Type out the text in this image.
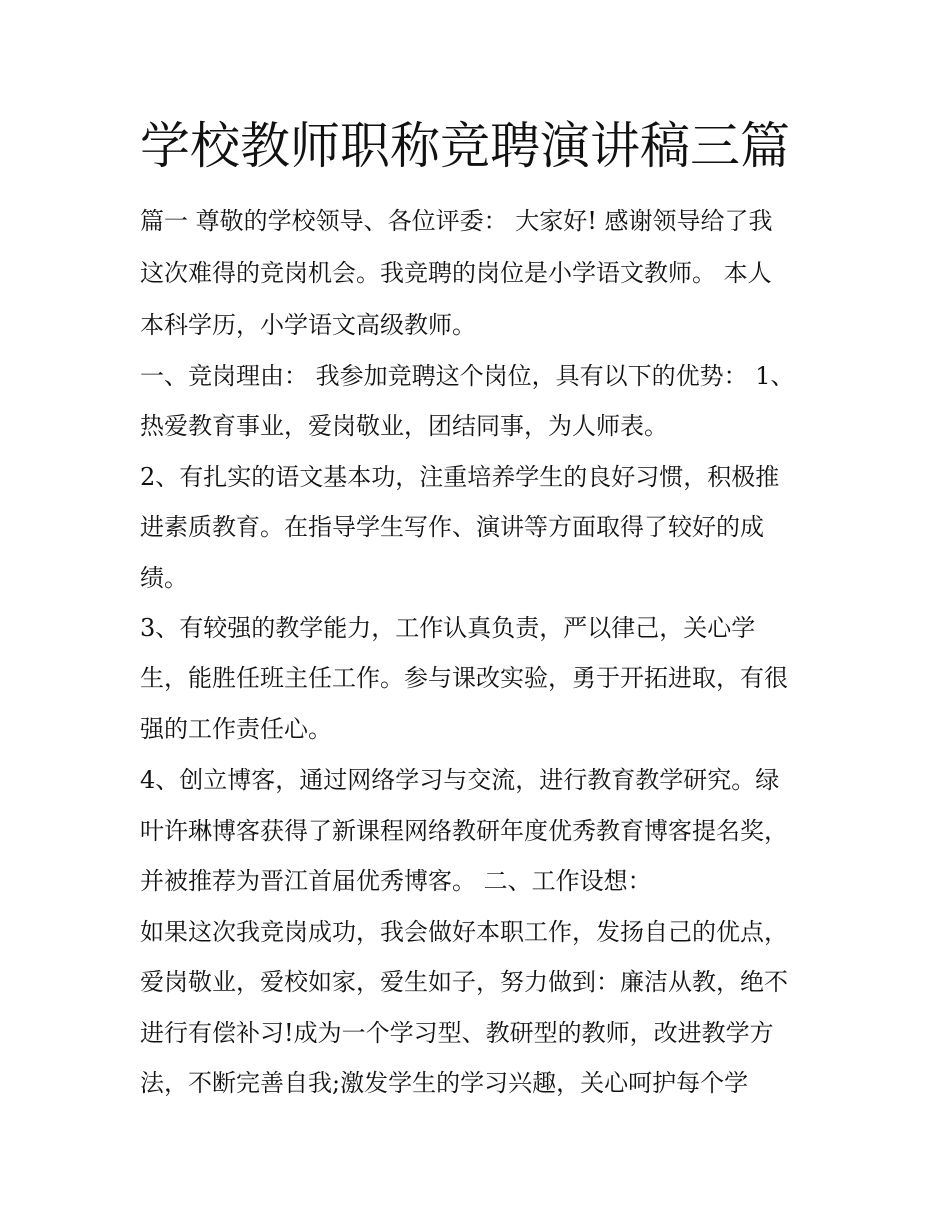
学校教师职称竞聘演讲稿三篇

篇一 尊敬的学校领导、各位评委： 大家好! 感谢领导给了我

这次难得的竞岗机会。我竞聘的岗位是小学语文教师。 本人

本科学历，小学语文高级教师。

一、竞岗理由： 我参加竞聘这个岗位，具有以下的优势： 1、

热爱教育事业，爱岗敬业，团结同事，为人师表。

2、有扎实的语文基本功，注重培养学生的良好习惯，积极推

进素质教育。在指导学生写作、演讲等方面取得了较好的成

绩。

3、有较强的教学能力，工作认真负责，严以律己，关心学

生，能胜任班主任工作。参与课改实验，勇于开拓进取，有很

强的工作责任心。

4、创立博客，通过网络学习与交流，进行教育教学研究。绿

叶许琳博客获得了新课程网络教研年度优秀教育博客提名奖，

并被推荐为晋江首届优秀博客。 二、工作设想：

如果这次我竞岗成功，我会做好本职工作，发扬自己的优点，

爱岗敬业，爱校如家，爱生如子，努力做到：廉洁从教，绝不

进行有偿补习!成为一个学习型、教研型的教师，改进教学方

法，不断完善自我;激发学生的学习兴趣，关心呵护每个学
